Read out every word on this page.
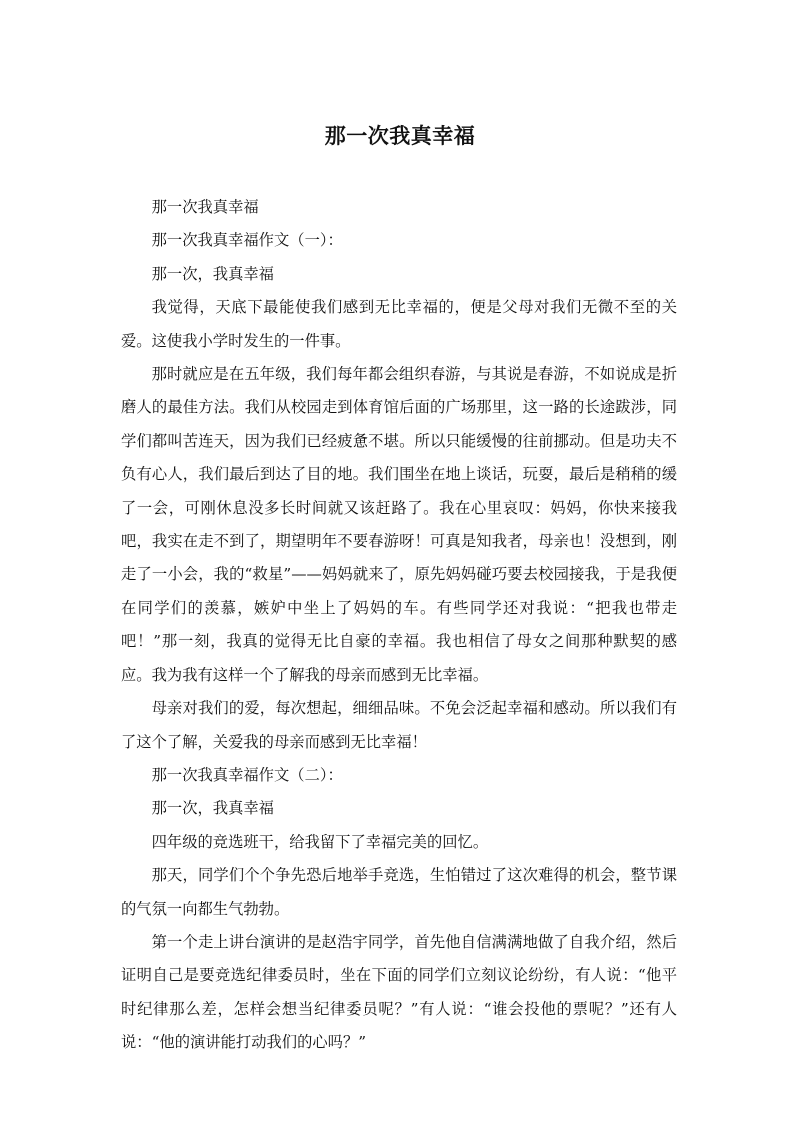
那一次我真幸福

那一次我真幸福

那一次我真幸福作文（一）：

那一次，我真幸福

我觉得，天底下最能使我们感到无比幸福的，便是父母对我们无微不至的关爱。这使我小学时发生的一件事。

那时就应是在五年级，我们每年都会组织春游，与其说是春游，不如说成是折磨人的最佳方法。我们从校园走到体育馆后面的广场那里，这一路的长途跋涉，同学们都叫苦连天，因为我们已经疲惫不堪。所以只能缓慢的往前挪动。但是功夫不负有心人，我们最后到达了目的地。我们围坐在地上谈话，玩耍，最后是稍稍的缓了一会，可刚休息没多长时间就又该赶路了。我在心里哀叹：妈妈，你快来接我吧，我实在走不到了，期望明年不要春游呀！可真是知我者，母亲也！没想到，刚走了一小会，我的“救星”——妈妈就来了，原先妈妈碰巧要去校园接我，于是我便在同学们的羡慕，嫉妒中坐上了妈妈的车。有些同学还对我说：“把我也带走吧！”那一刻，我真的觉得无比自豪的幸福。我也相信了母女之间那种默契的感应。我为我有这样一个了解我的母亲而感到无比幸福。

母亲对我们的爱，每次想起，细细品味。不免会泛起幸福和感动。所以我们有了这个了解，关爱我的母亲而感到无比幸福！

那一次我真幸福作文（二）：

那一次，我真幸福

四年级的竞选班干，给我留下了幸福完美的回忆。

那天，同学们个个争先恐后地举手竞选，生怕错过了这次难得的机会，整节课的气氛一向都生气勃勃。

第一个走上讲台演讲的是赵浩宇同学，首先他自信满满地做了自我介绍，然后证明自己是要竞选纪律委员时，坐在下面的同学们立刻议论纷纷，有人说：“他平时纪律那么差，怎样会想当纪律委员呢？”有人说：“谁会投他的票呢？”还有人说：“他的演讲能打动我们的心吗？”
